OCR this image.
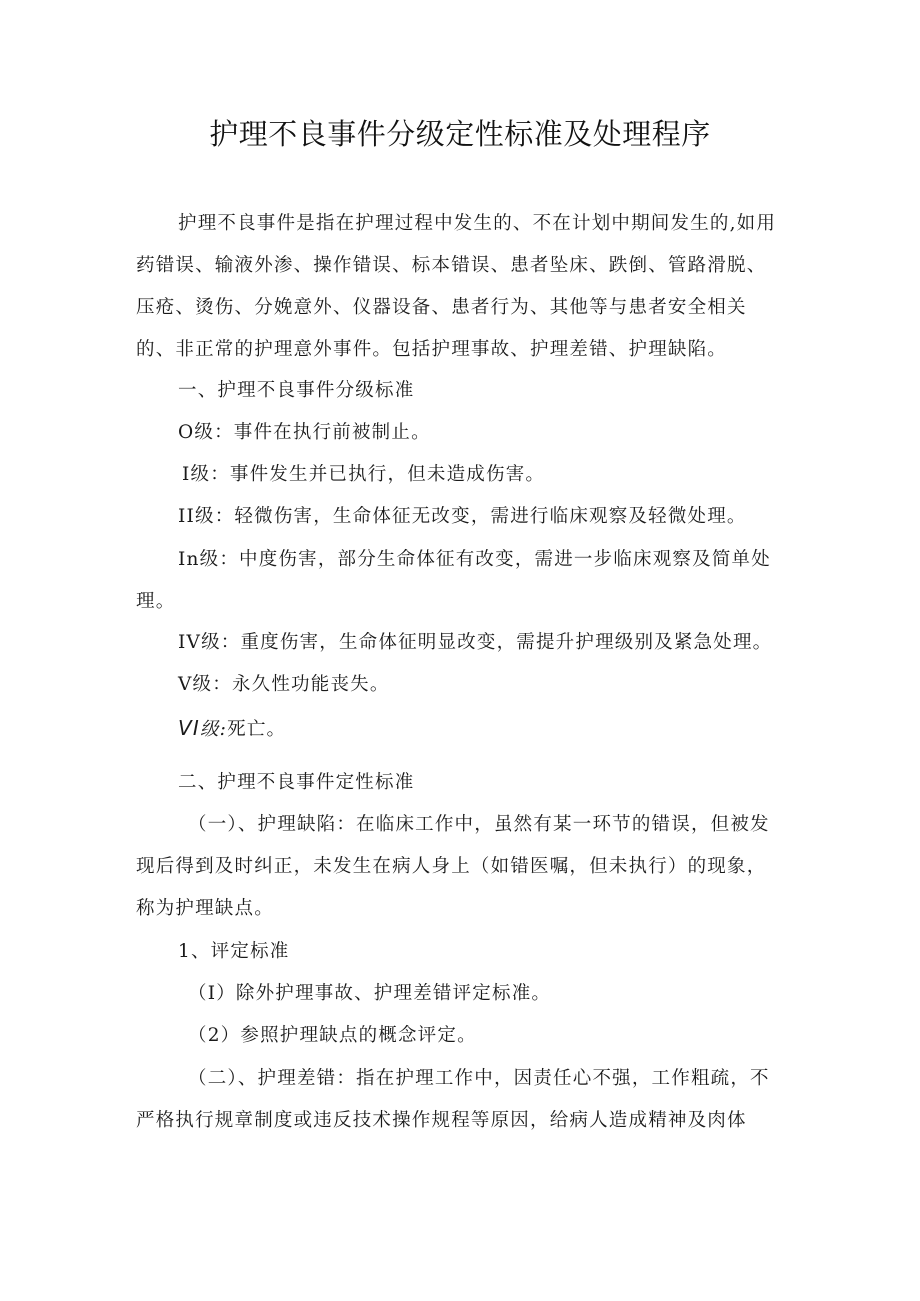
护理不良事件分级定性标准及处理程序

护理不良事件是指在护理过程中发生的、不在计划中期间发生的,如用药错误、输液外渗、操作错误、标本错误、患者坠床、跌倒、管路滑脱、压疮、烫伤、分娩意外、仪器设备、患者行为、其他等与患者安全相关的、非正常的护理意外事件。包括护理事故、护理差错、护理缺陷。

一、护理不良事件分级标准
O级：事件在执行前被制止。
I级：事件发生并已执行，但未造成伤害。
II级：轻微伤害，生命体征无改变，需进行临床观察及轻微处理。

In级：中度伤害，部分生命体征有改变，需进一步临床观察及简单处理。

IV级：重度伤害，生命体征明显改变，需提升护理级别及紧急处理。
V级：永久性功能丧失。
VI级:死亡。
二、护理不良事件定性标准

（一）、护理缺陷：在临床工作中，虽然有某一环节的错误，但被发现后得到及时纠正，未发生在病人身上（如错医嘱，但未执行）的现象，称为护理缺点。

1、评定标准
（I）除外护理事故、护理差错评定标准。
（2）参照护理缺点的概念评定。

（二）、护理差错：指在护理工作中，因责任心不强，工作粗疏，不严格执行规章制度或违反技术操作规程等原因，给病人造成精神及肉体
